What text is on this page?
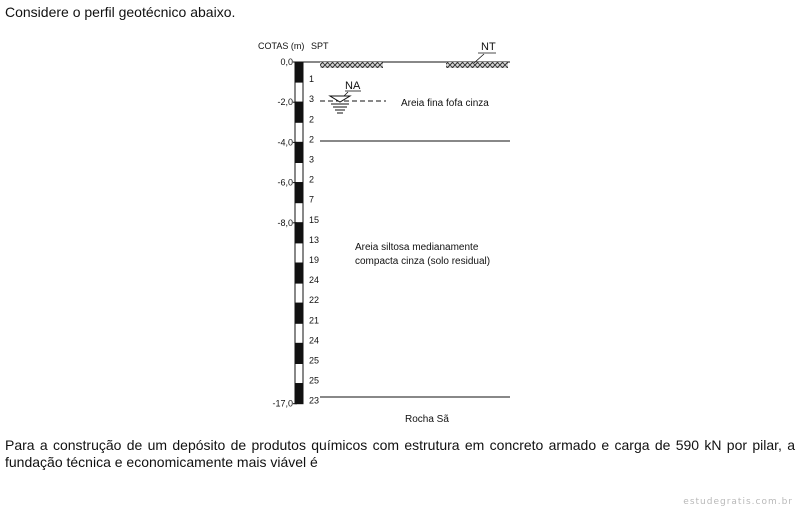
Considere o perfil geotécnico abaixo.
COTAS (m) SPT	NT
0,0
-2,0
-4,0
-6,0
-8,0
-17,0
1
3
2
2
3
2
7
15
13
19
24
22
21
24
25
25
23
NA
Areia fina fofa cinza
Areia siltosa medianamente
compacta cinza (solo residual)
Rocha Sã
Para a construção de um depósito de produtos químicos com estrutura em concreto armado e carga de 590 kN por pilar, a fundação técnica e economicamente mais viável é
estudegratis.com.br
